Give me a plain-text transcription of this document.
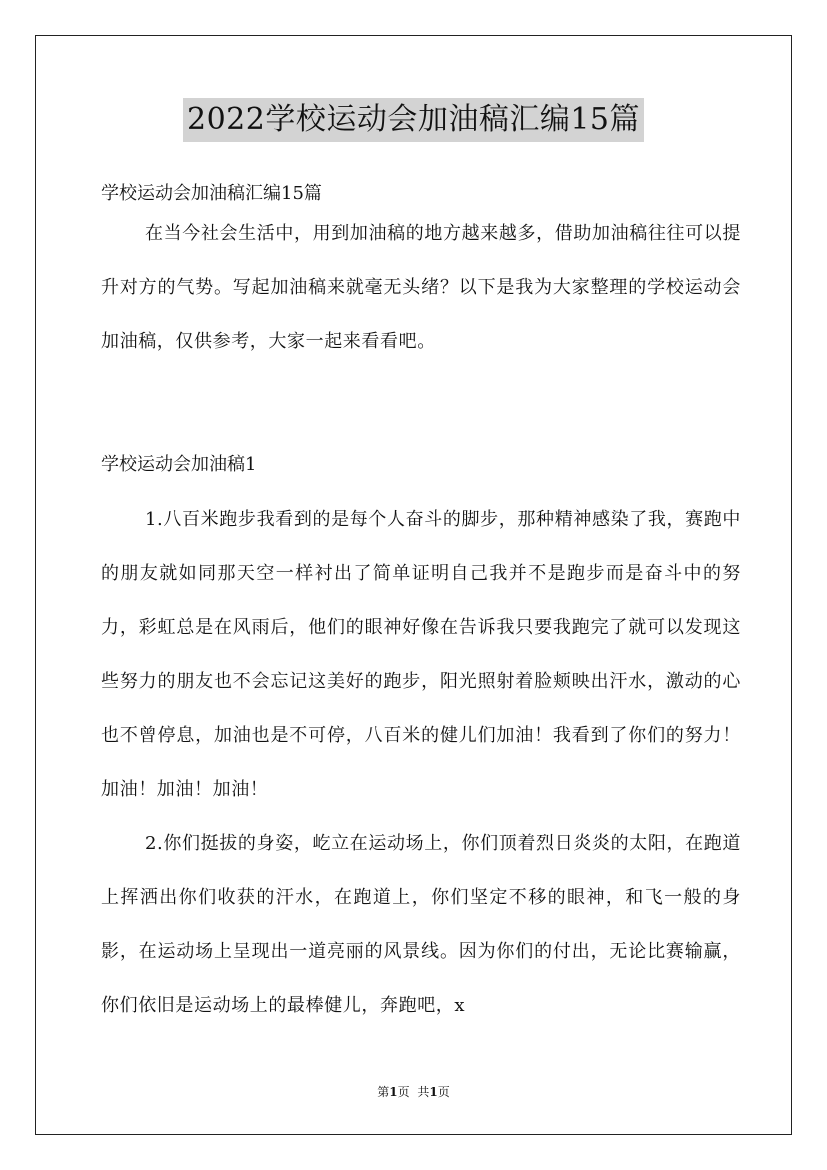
2022学校运动会加油稿汇编15篇

学校运动会加油稿汇编15篇

在当今社会生活中，用到加油稿的地方越来越多，借助加油稿往往可以提升对方的气势。写起加油稿来就毫无头绪？以下是我为大家整理的学校运动会加油稿，仅供参考，大家一起来看看吧。

学校运动会加油稿1

1.八百米跑步我看到的是每个人奋斗的脚步，那种精神感染了我，赛跑中的朋友就如同那天空一样衬出了简单证明自己我并不是跑步而是奋斗中的努力，彩虹总是在风雨后，他们的眼神好像在告诉我只要我跑完了就可以发现这些努力的朋友也不会忘记这美好的跑步，阳光照射着脸颊映出汗水，激动的心也不曾停息，加油也是不可停，八百米的健儿们加油！我看到了你们的努力！加油！加油！加油！

2.你们挺拔的身姿，屹立在运动场上，你们顶着烈日炎炎的太阳，在跑道上挥洒出你们收获的汗水，在跑道上，你们坚定不移的眼神，和飞一般的身影，在运动场上呈现出一道亮丽的风景线。因为你们的付出，无论比赛输赢，你们依旧是运动场上的最棒健儿，奔跑吧，x

第1页 共1页
